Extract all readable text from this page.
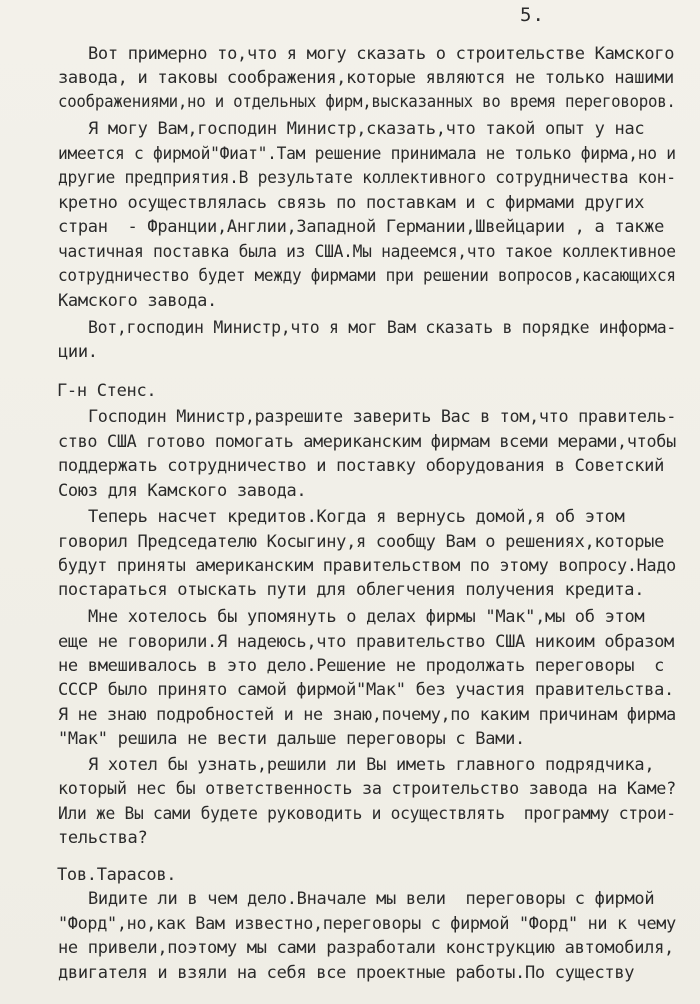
5.
Вот примерно то,что я могу сказать о строительстве Камского
завода, и таковы соображения,которые являются не только нашими
соображениями,но и отдельных фирм,высказанных во время переговоров.
Я могу Вам,господин Министр,сказать,что такой опыт у нас
имеется с фирмой"Фиат".Там решение принимала не только фирма,но и
другие предприятия.В результате коллективного сотрудничества кон-
кретно осуществлялась связь по поставкам и с фирмами других
стран  - Франции,Англии,Западной Германии,Швейцарии , а также
частичная поставка была из США.Мы надеемся,что такое коллективное
сотрудничество будет между фирмами при решении вопросов,касающихся
Камского завода.
Вот,господин Министр,что я мог Вам сказать в порядке информа-
ции.
Г-н Стенс.
Господин Министр,разрешите заверить Вас в том,что правитель-
ство США готово помогать американским фирмам всеми мерами,чтобы
поддержать сотрудничество и поставку оборудования в Советский
Союз для Камского завода.
Теперь насчет кредитов.Когда я вернусь домой,я об этом
говорил Председателю Косыгину,я сообщу Вам о решениях,которые
будут приняты американским правительством по этому вопросу.Надо
постараться отыскать пути для облегчения получения кредита.
Мне хотелось бы упомянуть о делах фирмы "Мак",мы об этом
еще не говорили.Я надеюсь,что правительство США никоим образом
не вмешивалось в это дело.Решение не продолжать переговоры  с
СССР было принято самой фирмой"Мак" без участия правительства.
Я не знаю подробностей и не знаю,почему,по каким причинам фирма
"Мак" решила не вести дальше переговоры с Вами.
Я хотел бы узнать,решили ли Вы иметь главного подрядчика,
который нес бы ответственность за строительство завода на Каме?
Или же Вы сами будете руководить и осуществлять  программу строи-
тельства?
Тов.Тарасов.
Видите ли в чем дело.Вначале мы вели  переговоры с фирмой
"Форд",но,как Вам известно,переговоры с фирмой "Форд" ни к чему
не привели,поэтому мы сами разработали конструкцию автомобиля,
двигателя и взяли на себя все проектные работы.По существу
